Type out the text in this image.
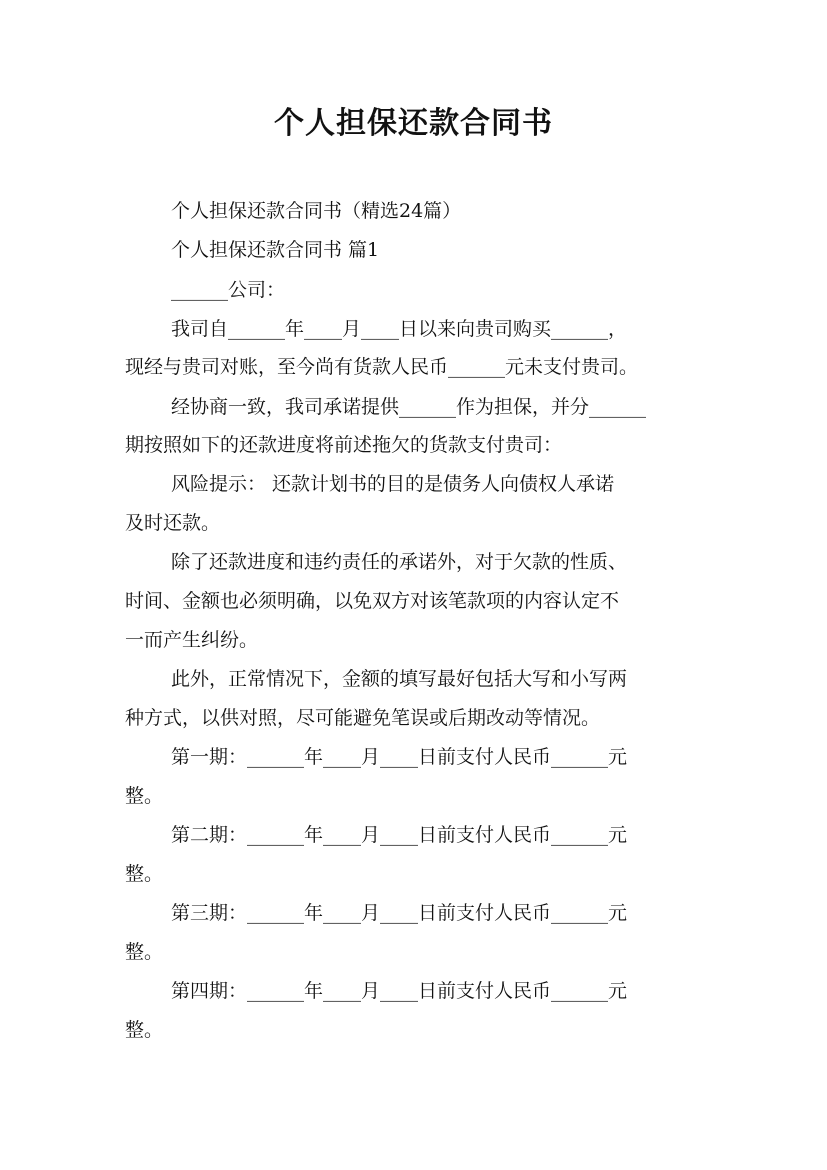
个人担保还款合同书
个人担保还款合同书（精选24篇）
个人担保还款合同书 篇1
______公司：
我司自______年____月____日以来向贵司购买______，
现经与贵司对账，至今尚有货款人民币______元未支付贵司。
经协商一致，我司承诺提供______作为担保，并分______
期按照如下的还款进度将前述拖欠的货款支付贵司：
风险提示： 还款计划书的目的是债务人向债权人承诺
及时还款。
除了还款进度和违约责任的承诺外，对于欠款的性质、
时间、金额也必须明确，以免双方对该笔款项的内容认定不
一而产生纠纷。
此外，正常情况下，金额的填写最好包括大写和小写两
种方式，以供对照，尽可能避免笔误或后期改动等情况。
第一期：______年____月____日前支付人民币______元
整。
第二期：______年____月____日前支付人民币______元
整。
第三期：______年____月____日前支付人民币______元
整。
第四期：______年____月____日前支付人民币______元
整。
